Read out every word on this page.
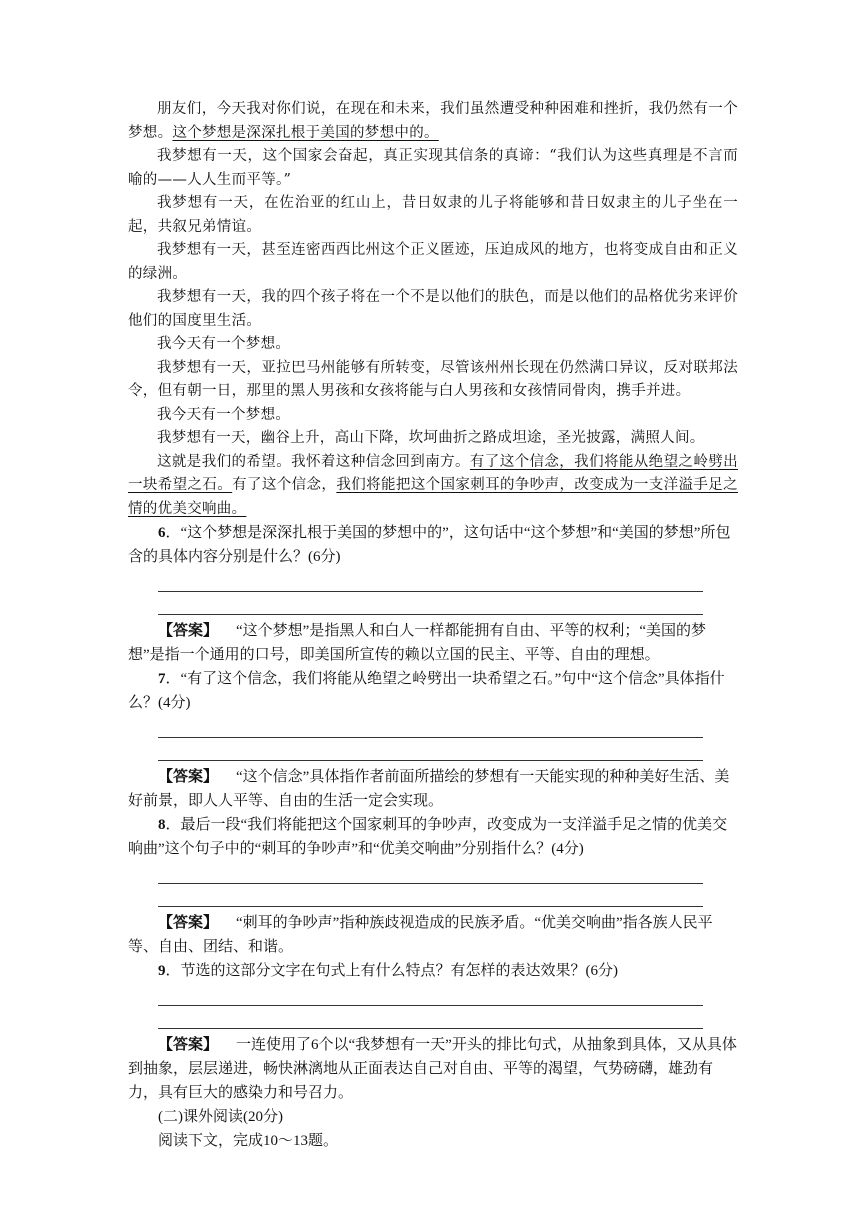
朋友们，今天我对你们说，在现在和未来，我们虽然遭受种种困难和挫折，我仍然有一个梦想。这个梦想是深深扎根于美国的梦想中的。

我梦想有一天，这个国家会奋起，真正实现其信条的真谛：“我们认为这些真理是不言而喻的——人人生而平等。”

我梦想有一天，在佐治亚的红山上，昔日奴隶的儿子将能够和昔日奴隶主的儿子坐在一起，共叙兄弟情谊。

我梦想有一天，甚至连密西西比州这个正义匿迹，压迫成风的地方，也将变成自由和正义的绿洲。

我梦想有一天，我的四个孩子将在一个不是以他们的肤色，而是以他们的品格优劣来评价他们的国度里生活。

我今天有一个梦想。

我梦想有一天，亚拉巴马州能够有所转变，尽管该州州长现在仍然满口异议，反对联邦法令，但有朝一日，那里的黑人男孩和女孩将能与白人男孩和女孩情同骨肉，携手并进。

我今天有一个梦想。

我梦想有一天，幽谷上升，高山下降，坎坷曲折之路成坦途，圣光披露，满照人间。

这就是我们的希望。我怀着这种信念回到南方。有了这个信念，我们将能从绝望之岭劈出一块希望之石。有了这个信念，我们将能把这个国家刺耳的争吵声，改变成为一支洋溢手足之情的优美交响曲。

6．“这个梦想是深深扎根于美国的梦想中的”，这句话中“这个梦想”和“美国的梦想”所包含的具体内容分别是什么？(6分)

【答案】 “这个梦想”是指黑人和白人一样都能拥有自由、平等的权利；“美国的梦想”是指一个通用的口号，即美国所宣传的赖以立国的民主、平等、自由的理想。

7．“有了这个信念，我们将能从绝望之岭劈出一块希望之石。”句中“这个信念”具体指什么？(4分)

【答案】 “这个信念”具体指作者前面所描绘的梦想有一天能实现的种种美好生活、美好前景，即人人平等、自由的生活一定会实现。

8．最后一段“我们将能把这个国家刺耳的争吵声，改变成为一支洋溢手足之情的优美交响曲”这个句子中的“刺耳的争吵声”和“优美交响曲”分别指什么？(4分)

【答案】 “刺耳的争吵声”指种族歧视造成的民族矛盾。“优美交响曲”指各族人民平等、自由、团结、和谐。

9．节选的这部分文字在句式上有什么特点？有怎样的表达效果？(6分)

【答案】 一连使用了6个以“我梦想有一天”开头的排比句式，从抽象到具体，又从具体到抽象，层层递进，畅快淋漓地从正面表达自己对自由、平等的渴望，气势磅礴，雄劲有力，具有巨大的感染力和号召力。

(二)课外阅读(20分)

阅读下文，完成10～13题。
